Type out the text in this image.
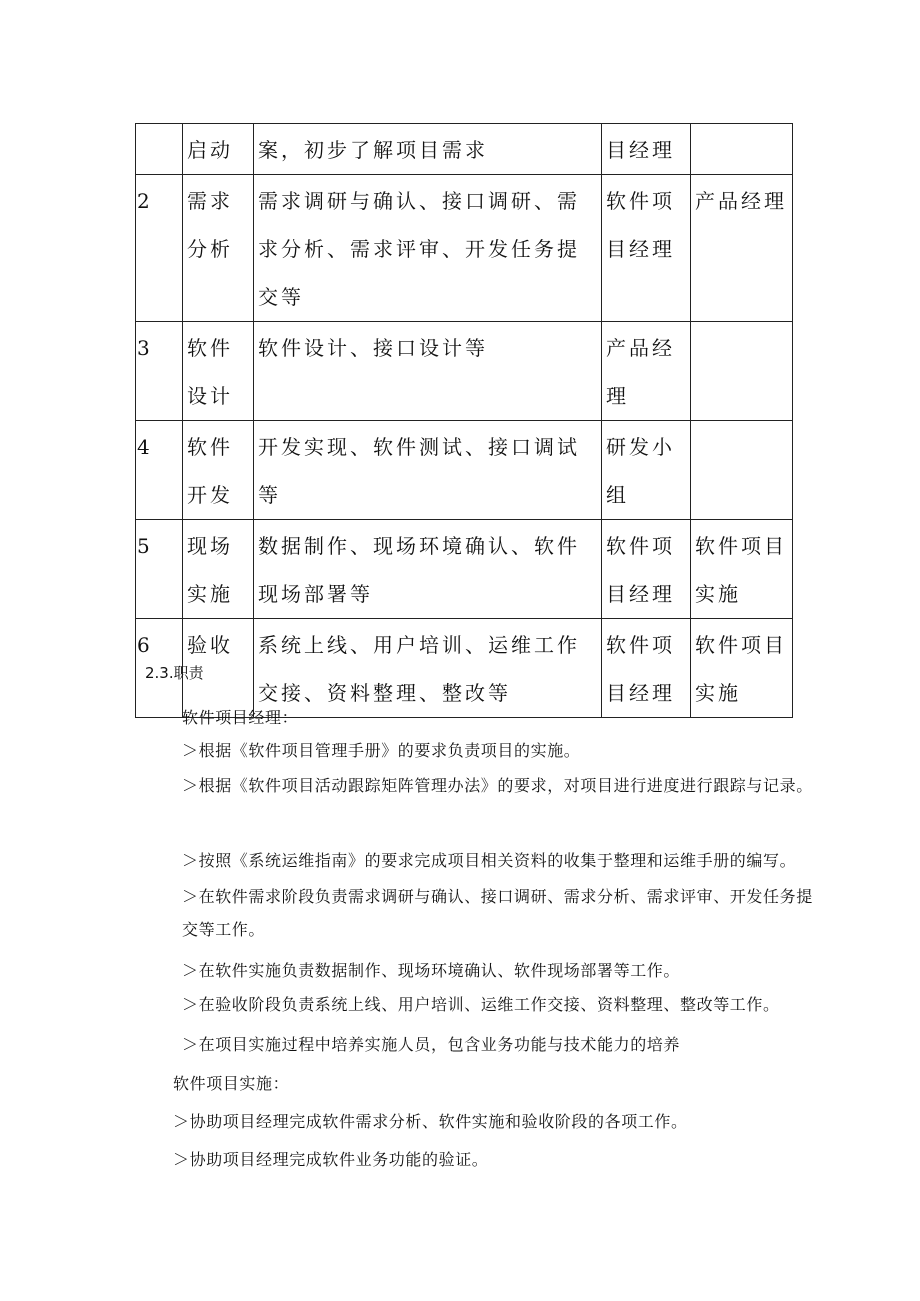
	启动	案，初步了解项目需求	目经理	

2	需求分析	需求调研与确认、接口调研、需求分析、需求评审、开发任务提交等	软件项目经理	产品经理

3	软件设计	软件设计、接口设计等	产品经理	

4	软件开发	开发实现、软件测试、接口调试等	研发小组	

5	现场实施	数据制作、现场环境确认、软件现场部署等	软件项目经理	软件项目实施

6	验收	系统上线、用户培训、运维工作交接、资料整理、整改等	软件项目经理	软件项目实施
2.3.职责
软件项目经理：
＞根据《软件项目管理手册》的要求负责项目的实施。
＞根据《软件项目活动跟踪矩阵管理办法》的要求，对项目进行进度进行跟踪与记录。
＞按照《系统运维指南》的要求完成项目相关资料的收集于整理和运维手册的编写。
＞在软件需求阶段负责需求调研与确认、接口调研、需求分析、需求评审、开发任务提交等工作。
＞在软件实施负责数据制作、现场环境确认、软件现场部署等工作。
＞在验收阶段负责系统上线、用户培训、运维工作交接、资料整理、整改等工作。
＞在项目实施过程中培养实施人员，包含业务功能与技术能力的培养
软件项目实施：
＞协助项目经理完成软件需求分析、软件实施和验收阶段的各项工作。
＞协助项目经理完成软件业务功能的验证。
